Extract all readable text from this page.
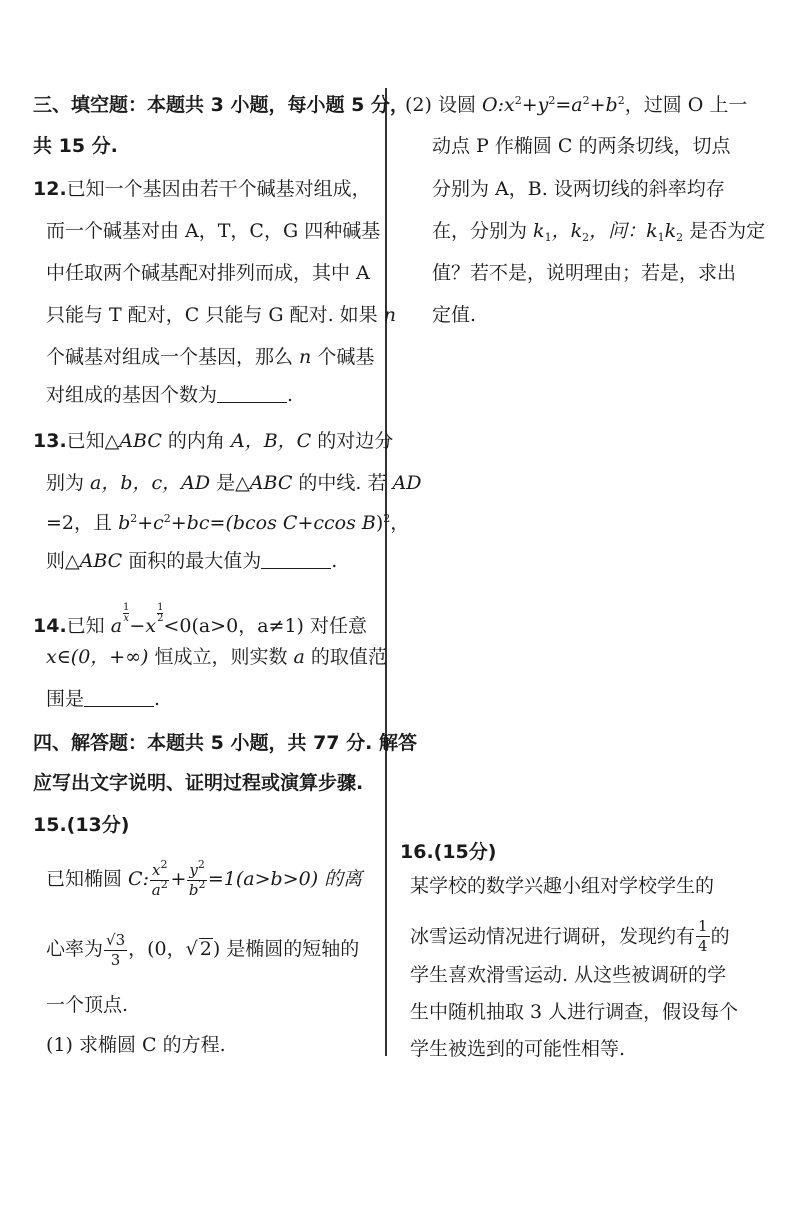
三、填空题：本题共 3 小题，每小题 5 分，
共 15 分.
12.已知一个基因由若干个碱基对组成，
而一个碱基对由 A，T，C，G 四种碱基
中任取两个碱基配对排列而成，其中 A
只能与 T 配对，C 只能与 G 配对. 如果 n
个碱基对组成一个基因，那么 n 个碱基
对组成的基因个数为	.
13.已知△ABC 的内角 A，B，C 的对边分
别为 a，b，c，AD 是△ABC 的中线. 若 AD
=2，且 $b^2+c^2+bc=(bcos$ C+ccos B)$^2$，
则△ABC 面积的最大值为	.
14.已知 a
$\frac{1}{x}-x$
$\frac{1}{2}$
<0(a>0，a≠1) 对任意
x∈(0，+∞) 恒成立，则实数 a 的取值范
围是	.
四、解答题：本题共 5 小题，共 77 分. 解答
应写出文字说明、证明过程或演算步骤.
15.(13分)
已知椭圆 C: $\frac{x^2}{a^2} + \frac{y^2}{b^2} =1(a>b>0)$ 的离
心率为 $\frac{√3}{3}$ ，(0，√ 2) 是椭圆的短轴的
一个顶点.
(1) 求椭圆 C 的方程.
(2) 设圆 $O:x^2+y^2=a^2+b^2$，过圆 O 上一
动点 P 作椭圆 C 的两条切线，切点
分别为 A，B. 设两切线的斜率均存
在，分别为 $k_1$，$k_2$，问：$k_1k_2$ 是否为定
值？若不是，说明理由；若是，求出
定值.
16.(15分)
某学校的数学兴趣小组对学校学生的
冰雪运动情况进行调研，发现约有 $\frac{1}{4}$ 的
学生喜欢滑雪运动. 从这些被调研的学
生中随机抽取 3 人进行调查，假设每个
学生被选到的可能性相等.
